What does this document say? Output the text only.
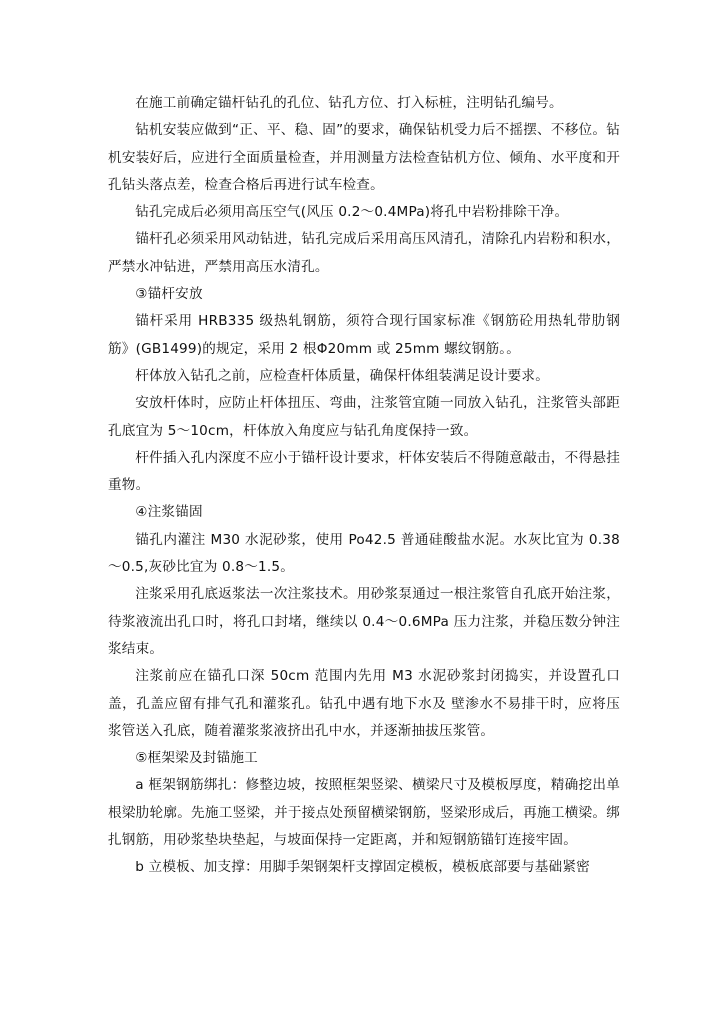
在施工前确定锚杆钻孔的孔位、钻孔方位、打入标桩，注明钻孔编号。

钻机安装应做到“正、平、稳、固”的要求，确保钻机受力后不摇摆、不移位。钻机安装好后，应进行全面质量检查，并用测量方法检查钻机方位、倾角、水平度和开孔钻头落点差，检查合格后再进行试车检查。

钻孔完成后必须用高压空气(风压 0.2～0.4MPa)将孔中岩粉排除干净。

锚杆孔必须采用风动钻进，钻孔完成后采用高压风清孔，清除孔内岩粉和积水，严禁水冲钻进，严禁用高压水清孔。

③锚杆安放

锚杆采用 HRB335 级热轧钢筋，须符合现行国家标准《钢筋砼用热轧带肋钢筋》(GB1499)的规定，采用 2 根Φ20mm 或 25mm 螺纹钢筋。。

杆体放入钻孔之前，应检查杆体质量，确保杆体组装满足设计要求。

安放杆体时，应防止杆体扭压、弯曲，注浆管宜随一同放入钻孔，注浆管头部距孔底宜为 5～10cm，杆体放入角度应与钻孔角度保持一致。

杆件插入孔内深度不应小于锚杆设计要求，杆体安装后不得随意敲击，不得悬挂重物。

④注浆锚固

锚孔内灌注 M30 水泥砂浆，使用 Po42.5 普通硅酸盐水泥。水灰比宜为 0.38～0.5,灰砂比宜为 0.8～1.5。

注浆采用孔底返浆法一次注浆技术。用砂浆泵通过一根注浆管自孔底开始注浆，待浆液流出孔口时，将孔口封堵，继续以 0.4～0.6MPa 压力注浆，并稳压数分钟注浆结束。

注浆前应在锚孔口深 50cm 范围内先用 M3 水泥砂浆封闭捣实，并设置孔口盖，孔盖应留有排气孔和灌浆孔。钻孔中遇有地下水及 壁渗水不易排干时，应将压浆管送入孔底，随着灌浆浆液挤出孔中水，并逐渐抽拔压浆管。

⑤框架梁及封锚施工

a 框架钢筋绑扎：修整边坡，按照框架竖梁、横梁尺寸及模板厚度，精确挖出单根梁肋轮廓。先施工竖梁，并于接点处预留横梁钢筋，竖梁形成后，再施工横梁。绑扎钢筋，用砂浆垫块垫起，与坡面保持一定距离，并和短钢筋锚钉连接牢固。

b 立模板、加支撑：用脚手架钢架杆支撑固定模板，模板底部要与基础紧密
